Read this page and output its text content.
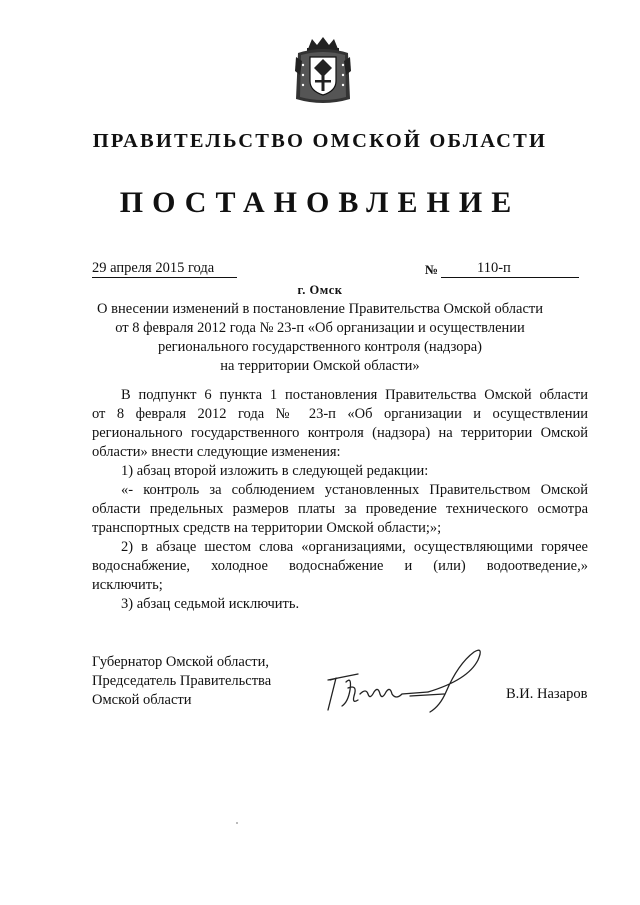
ПРАВИТЕЛЬСТВО ОМСКОЙ ОБЛАСТИ
ПОСТАНОВЛЕНИЕ
29 апреля 2015 года	№	110-п
г. Омск
О внесении изменений в постановление Правительства Омской области
от 8 февраля 2012 года № 23-п «Об организации и осуществлении
регионального государственного контроля (надзора)
на территории Омской области»
В подпункт 6 пункта 1 постановления Правительства Омской области
от 8 февраля 2012 года № 23-п «Об организации и осуществлении
регионального государственного контроля (надзора) на территории Омской
области» внести следующие изменения:
1) абзац второй изложить в следующей редакции:
«- контроль за соблюдением установленных Правительством Омской
области предельных размеров платы за проведение технического осмотра
транспортных средств на территории Омской области;»;
2) в абзаце шестом слова «организациями, осуществляющими горячее
водоснабжение, холодное водоснабжение и (или) водоотведение,»
исключить;
3) абзац седьмой исключить.
Губернатор Омской области,
Председатель Правительства
Омской области	В.И. Назаров
